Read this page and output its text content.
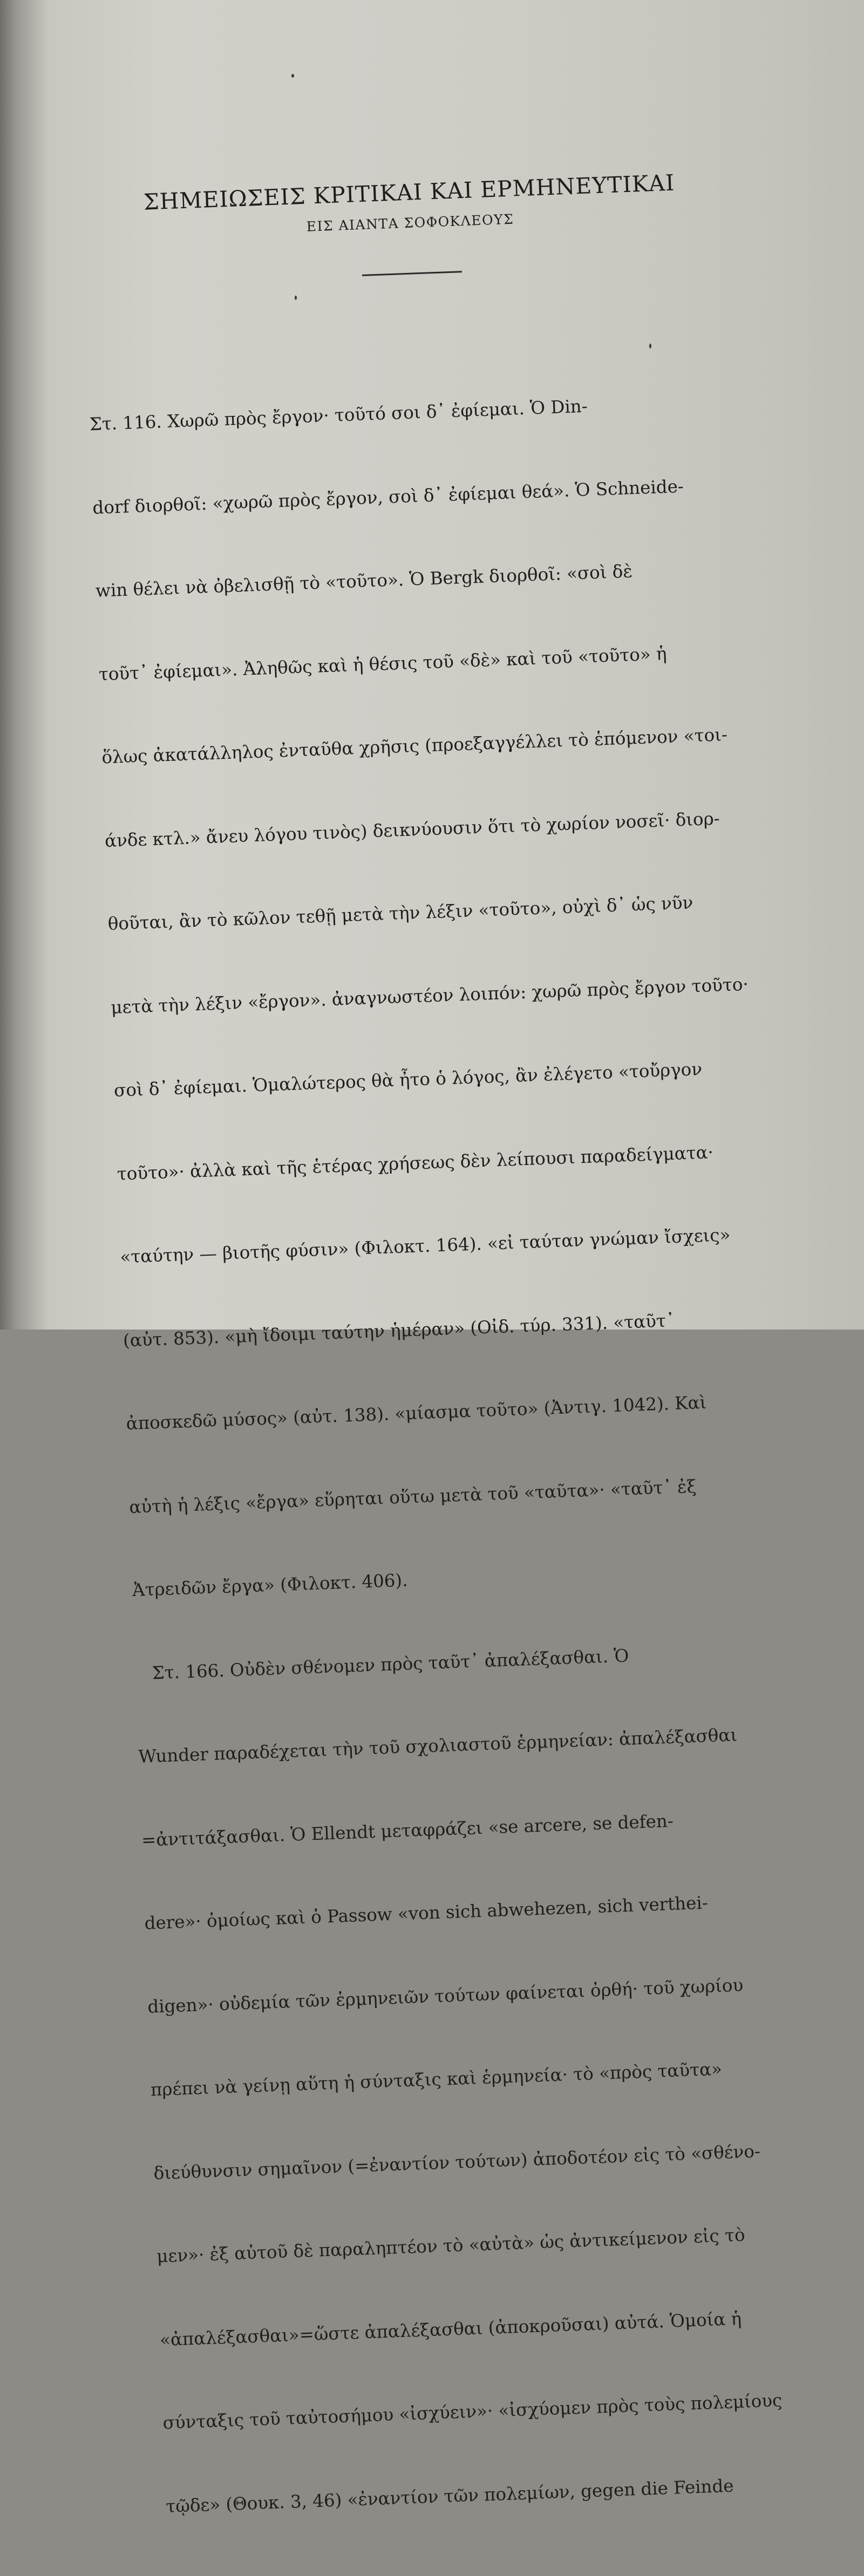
ΣΗΜΕΙΩΣΕΙΣ ΚΡΙΤΙΚΑΙ ΚΑΙ ΕΡΜΗΝΕΥΤΙΚΑΙ
ΕΙΣ ΑΙΑΝΤΑ ΣΟΦΟΚΛΕΟΥΣ

Στ. 116. Χωρῶ πρὸς ἔργον· τοῦτό σοι δ᾽ ἐφίεμαι. Ὁ Din-

dorf διορθοῖ: «χωρῶ πρὸς ἔργον, σοὶ δ᾽ ἐφίεμαι θεά». Ὁ Schneide-

win θέλει νὰ ὀβελισθῇ τὸ «τοῦτο». Ὁ Bergk διορθοῖ: «σοὶ δὲ

τοῦτ᾽ ἐφίεμαι». Ἀληθῶς καὶ ἡ θέσις τοῦ «δὲ» καὶ τοῦ «τοῦτο» ἡ

ὅλως ἀκατάλληλος ἐνταῦθα χρῆσις (προεξαγγέλλει τὸ ἑπόμενον «τοι-

άνδε κτλ.» ἄνευ λόγου τινὸς) δεικνύουσιν ὅτι τὸ χωρίον νοσεῖ· διορ-

θοῦται, ἂν τὸ κῶλον τεθῇ μετὰ τὴν λέξιν «τοῦτο», οὐχὶ δ᾽ ὡς νῦν

μετὰ τὴν λέξιν «ἔργον». ἀναγνωστέον λοιπόν: χωρῶ πρὸς ἔργον τοῦτο·

σοὶ δ᾽ ἐφίεμαι. Ὁμαλώτερος θὰ ἦτο ὁ λόγος, ἂν ἐλέγετο «τοὔργον

τοῦτο»· ἀλλὰ καὶ τῆς ἑτέρας χρήσεως δὲν λείπουσι παραδείγματα·

«ταύτην — βιοτῆς φύσιν» (Φιλοκτ. 164). «εἰ ταύταν γνώμαν ἴσχεις»

(αὐτ. 853). «μὴ ἴδοιμι ταύτην ἡμέραν» (Οἰδ. τύρ. 331). «ταῦτ᾽

ἀποσκεδῶ μύσος» (αὐτ. 138). «μίασμα τοῦτο» (Ἀντιγ. 1042). Καὶ

αὐτὴ ἡ λέξις «ἔργα» εὕρηται οὕτω μετὰ τοῦ «ταῦτα»· «ταῦτ᾽ ἐξ

Ἀτρειδῶν ἔργα» (Φιλοκτ. 406).

Στ. 166. Οὐδὲν σθένομεν πρὸς ταῦτ᾽ ἀπαλέξασθαι. Ὁ

Wunder παραδέχεται τὴν τοῦ σχολιαστοῦ ἑρμηνείαν: ἀπαλέξασθαι

=ἀντιτάξασθαι. Ὁ Ellendt μεταφράζει «se arcere, se defen-

dere»· ὁμοίως καὶ ὁ Passow «von sich abwehezen, sich verthei-

digen»· οὐδεμία τῶν ἑρμηνειῶν τούτων φαίνεται ὀρθή· τοῦ χωρίου

πρέπει νὰ γείνῃ αὕτη ἡ σύνταξις καὶ ἑρμηνεία· τὸ «πρὸς ταῦτα»

διεύθυνσιν σημαῖνον (=ἐναντίον τούτων) ἀποδοτέον εἰς τὸ «σθένο-

μεν»· ἐξ αὐτοῦ δὲ παραληπτέον τὸ «αὐτὰ» ὡς ἀντικείμενον εἰς τὸ

«ἀπαλέξασθαι»=ὥστε ἀπαλέξασθαι (ἀποκροῦσαι) αὐτά. Ὁμοία ἡ

σύνταξις τοῦ ταὐτοσήμου «ἰσχύειν»· «ἰσχύομεν πρὸς τοὺς πολεμίους

τῷδε» (Θουκ. 3, 46) «ἐναντίον τῶν πολεμίων, gegen die Feinde
